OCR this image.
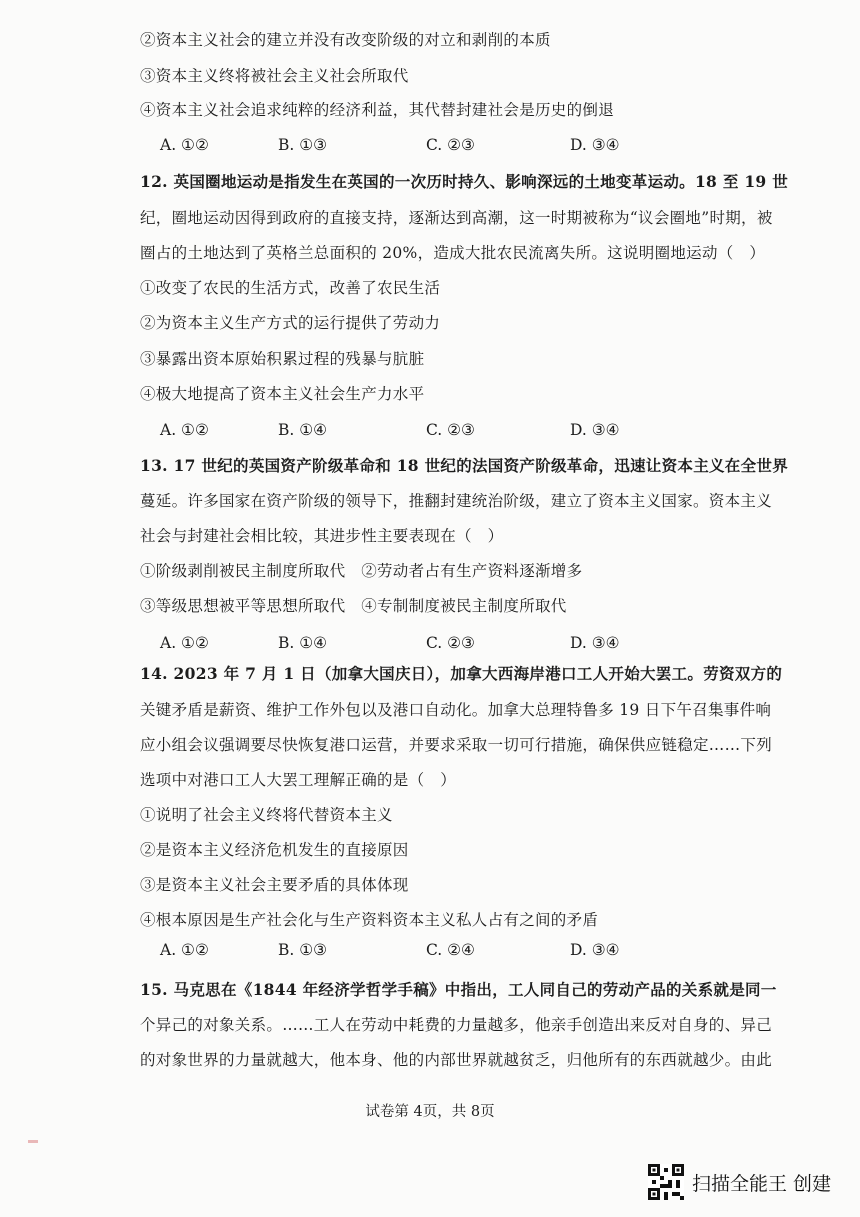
②资本主义社会的建立并没有改变阶级的对立和剥削的本质
③资本主义终将被社会主义社会所取代
④资本主义社会追求纯粹的经济利益，其代替封建社会是历史的倒退
12. 英国圈地运动是指发生在英国的一次历时持久、影响深远的土地变革运动。18 至 19 世
纪，圈地运动因得到政府的直接支持，逐渐达到高潮，这一时期被称为“议会圈地”时期，被
圈占的土地达到了英格兰总面积的 20%，造成大批农民流离失所。这说明圈地运动（　）
①改变了农民的生活方式，改善了农民生活
②为资本主义生产方式的运行提供了劳动力
③暴露出资本原始积累过程的残暴与肮脏
④极大地提高了资本主义社会生产力水平
13. 17 世纪的英国资产阶级革命和 18 世纪的法国资产阶级革命，迅速让资本主义在全世界
蔓延。许多国家在资产阶级的领导下，推翻封建统治阶级，建立了资本主义国家。资本主义
社会与封建社会相比较，其进步性主要表现在（　）
①阶级剥削被民主制度所取代　②劳动者占有生产资料逐渐增多
③等级思想被平等思想所取代　④专制制度被民主制度所取代
14. 2023 年 7 月 1 日（加拿大国庆日），加拿大西海岸港口工人开始大罢工。劳资双方的
关键矛盾是薪资、维护工作外包以及港口自动化。加拿大总理特鲁多 19 日下午召集事件响
应小组会议强调要尽快恢复港口运营，并要求采取一切可行措施，确保供应链稳定……下列
选项中对港口工人大罢工理解正确的是（　）
①说明了社会主义终将代替资本主义
②是资本主义经济危机发生的直接原因
③是资本主义社会主要矛盾的具体体现
④根本原因是生产社会化与生产资料资本主义私人占有之间的矛盾
15. 马克思在《1844 年经济学哲学手稿》中指出，工人同自己的劳动产品的关系就是同一
个异己的对象关系。……工人在劳动中耗费的力量越多，他亲手创造出来反对自身的、异己
的对象世界的力量就越大，他本身、他的内部世界就越贫乏，归他所有的东西就越少。由此
A. ①②	B. ①③	C. ②③	D. ③④
A. ①②	B. ①④	C. ②③	D. ③④
A. ①②	B. ①④	C. ②③	D. ③④
A. ①②	B. ①③	C. ②④	D. ③④
试卷第 4页，共 8页
扫描全能王 创建
